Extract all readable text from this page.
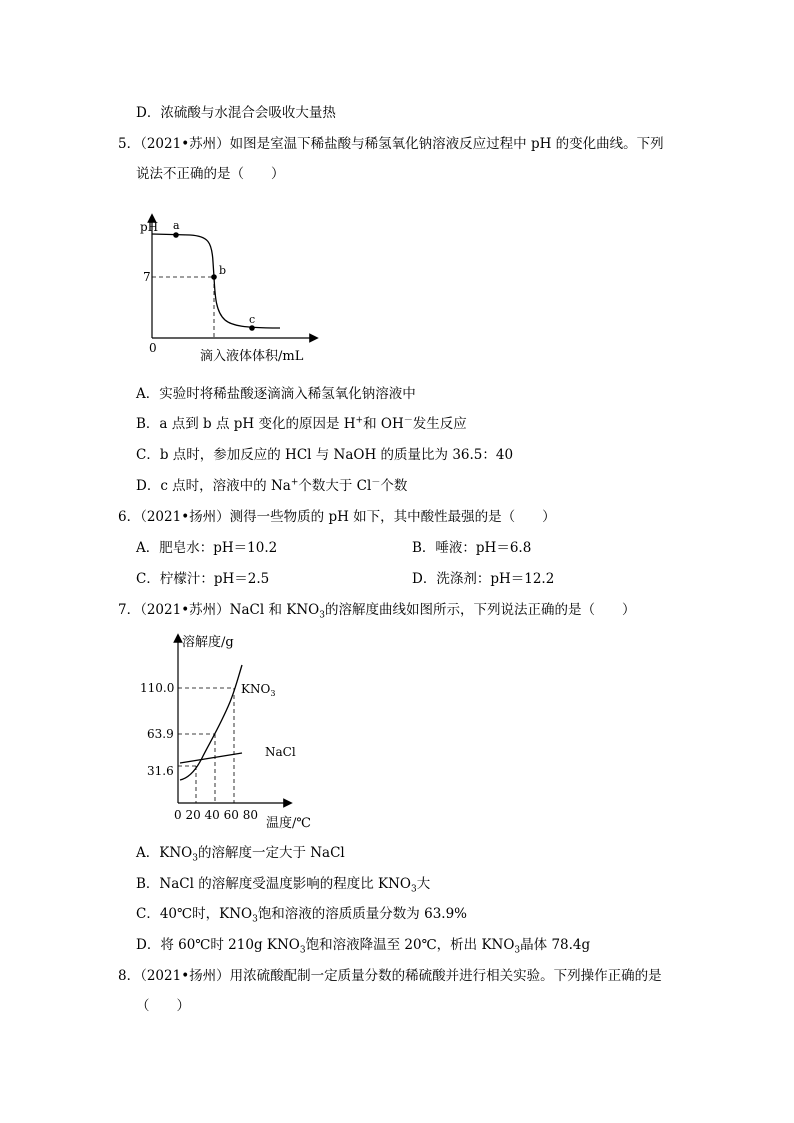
D．浓硫酸与水混合会吸收大量热
5．（2021•苏州）如图是室温下稀盐酸与稀氢氧化钠溶液反应过程中 pH 的变化曲线。下列
说法不正确的是（　　）
a
b
c
pH
7
0
滴入液体体积/mL
A．实验时将稀盐酸逐滴滴入稀氢氧化钠溶液中
B．a 点到 b 点 pH 变化的原因是 H+和 OH－发生反应
C．b 点时，参加反应的 HCl 与 NaOH 的质量比为 36.5：40
D．c 点时，溶液中的 Na+个数大于 Cl－个数
6．（2021•扬州）测得一些物质的 pH 如下，其中酸性最强的是（　　）
A．肥皂水：pH＝10.2	B．唾液：pH＝6.8
C．柠檬汁：pH＝2.5	D．洗涤剂：pH＝12.2
7．（2021•苏州）NaCl 和 $KNO_3$的溶解度曲线如图所示，下列说法正确的是（　　）
溶解度/g
110.0
63.9
31.6
$KNO_3$
NaCl
0 20 40 60 80
温度/℃
A．$KNO_3$的溶解度一定大于 NaCl
B．NaCl 的溶解度受温度影响的程度比 $KNO_3$大
C．40℃时，$KNO_3$饱和溶液的溶质质量分数为 63.9%
D．将 60℃时 210g $KNO_3$饱和溶液降温至 20℃，析出 $KNO_3$晶体 78.4g
8．（2021•扬州）用浓硫酸配制一定质量分数的稀硫酸并进行相关实验。下列操作正确的是
（　　）
